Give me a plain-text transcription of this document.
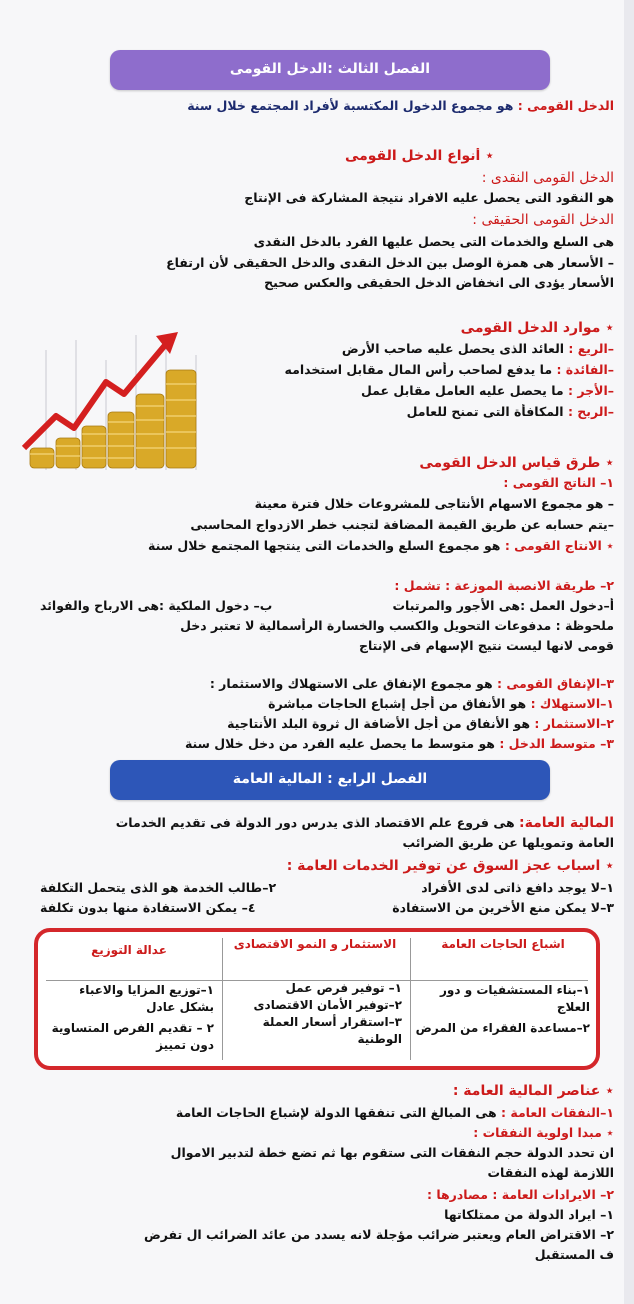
الفصل الثالث :الدخل القومى
الدخل القومى : هو مجموع الدخول المكتسبة لأفراد المجتمع خلال سنة
⋆ أنواع الدخل القومى
الدخل القومى النقدى :
هو النقود التى يحصل عليه الافراد نتيجة المشاركة فى الإنتاج
الدخل القومى الحقيقى :
هى السلع والخدمات التى يحصل عليها الفرد بالدخل النقدى
– الأسعار هى همزة الوصل بين الدخل النقدى والدخل الحقيقى لأن ارتفاع
الأسعار يؤدى الى انخفاض الدخل الحقيقى والعكس صحيح
⋆ موارد الدخل القومى
–الريع : العائد الذى يحصل عليه صاحب الأرض
–الفائدة : ما يدفع لصاحب رأس المال مقابل استخدامه
–الأجر : ما يحصل عليه العامل مقابل عمل
–الربح : المكافأة التى تمنح للعامل
⋆ طرق قياس الدخل القومى
١– الناتج القومى :
– هو مجموع الاسهام الأنتاجى للمشروعات خلال فترة معينة
–يتم حسابه عن طريق القيمة المضافة لتجنب خطر الازدواج المحاسبى
⋆ الانتاج القومى : هو مجموع السلع والخدمات التى ينتجها المجتمع خلال سنة
٢– طريقة الانصبة الموزعة : تشمل :
أ–دخول العمل :هى الأجور والمرتبات
ب– دخول الملكية :هى الارباح والفوائد
ملحوظة : مدفوعات التحويل والكسب والخسارة الرأسمالية لا تعتبر دخل
قومى لانها ليست نتيج الإسهام فى الإنتاج
٣–الإنفاق القومى : هو مجموع الإنفاق على الاستهلاك والاستثمار :
١–الاستهلاك : هو الأنفاق من أجل إشباع الحاجات مباشرة
٢–الاستثمار : هو الأنفاق من أجل الأضافة ال ثروة البلد الأنتاجية
٣– متوسط الدخل : هو متوسط ما يحصل عليه الفرد من دخل خلال سنة
الفصل الرابع : المالية العامة
المالية العامة: هى فروع علم الاقتصاد الذى يدرس دور الدولة فى تقديم الخدمات
العامة وتمويلها عن طريق الضرائب
⋆ اسباب عجز السوق عن توفير الخدمات العامة :
١–لا يوجد دافع ذاتى لدى الأفراد
٢–طالب الخدمة هو الذى يتحمل التكلفة
٣–لا يمكن منع الأخرين من الاستفادة
٤– يمكن الاستفادة منها بدون تكلفة
اشباع الحاجات العامة
١–بناء المستشفيات و دور العلاج
٢–مساعدة الفقراء من المرض
الاستثمار و النمو الاقتصادى
١– توفير فرص عمل
٢–توفير الأمان الاقتصادى
٣–استقرار أسعار العملة الوطنية
عدالة التوزيع
١–توزيع المزايا والاعباء بشكل عادل
٢ – تقديم الفرص المتساوية دون تمييز
⋆ عناصر المالية العامة :
١–النفقات العامة : هى المبالغ التى تنفقها الدولة لإشباع الحاجات العامة
⋆ مبدا اولوية النفقات :
ان تحدد الدولة حجم النفقات التى ستقوم بها ثم تضع خطة لتدبير الاموال
اللازمة لهذه النفقات
٢– الايرادات العامة : مصادرها :
١– ايراد الدولة من ممتلكاتها
٢– الاقتراض العام ويعتبر ضرائب مؤجلة لانه يسدد من عائد الضرائب ال تفرض
ف المستقبل
